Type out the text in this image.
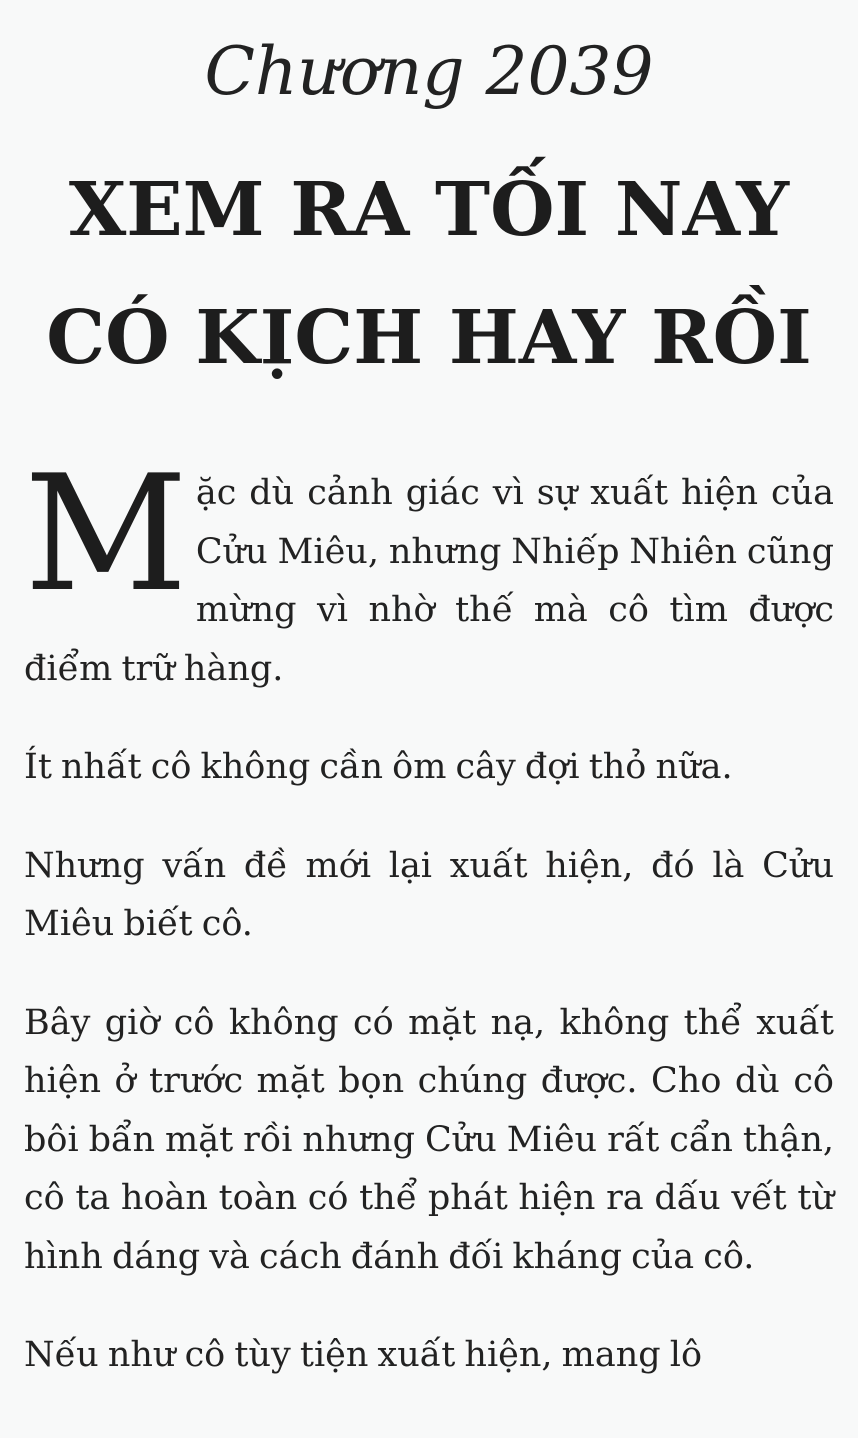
Chương 2039
XEM RA TỐI NAY
CÓ KỊCH HAY RỒI

Mặc dù cảnh giác vì sự xuất hiện của Cửu Miêu, nhưng Nhiếp Nhiên cũng mừng vì nhờ thế mà cô tìm được điểm trữ hàng.

Ít nhất cô không cần ôm cây đợi thỏ nữa.

Nhưng vấn đề mới lại xuất hiện, đó là Cửu Miêu biết cô.

Bây giờ cô không có mặt nạ, không thể xuất hiện ở trước mặt bọn chúng được. Cho dù cô bôi bẩn mặt rồi nhưng Cửu Miêu rất cẩn thận, cô ta hoàn toàn có thể phát hiện ra dấu vết từ hình dáng và cách đánh đối kháng của cô.

Nếu như cô tùy tiện xuất hiện, mang lô
